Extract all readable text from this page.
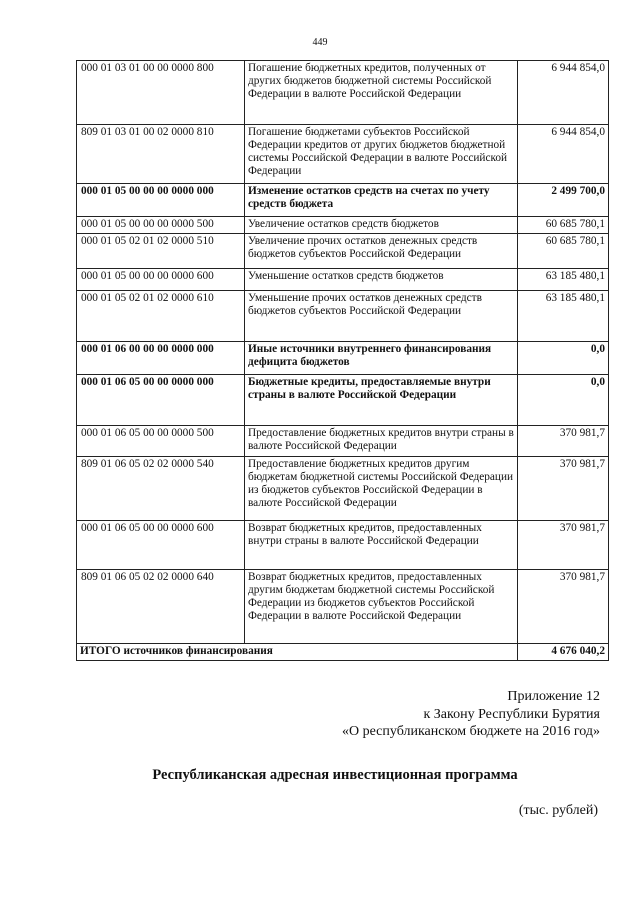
449
000 01 03 01 00 00 0000 800	Погашение бюджетных кредитов, полученных от других бюджетов бюджетной системы Российской Федерации в валюте Российской Федерации	6 944 854,0
809 01 03 01 00 02 0000 810	Погашение бюджетами субъектов Российской Федерации кредитов от других бюджетов бюджетной системы Российской Федерации в валюте Российской Федерации	6 944 854,0
000 01 05 00 00 00 0000 000	Изменение остатков средств на счетах по учету средств бюджета	2 499 700,0
000 01 05 00 00 00 0000 500	Увеличение остатков средств бюджетов	60 685 780,1
000 01 05 02 01 02 0000 510	Увеличение прочих остатков денежных средств бюджетов субъектов Российской Федерации	60 685 780,1
000 01 05 00 00 00 0000 600	Уменьшение остатков средств бюджетов	63 185 480,1
000 01 05 02 01 02 0000 610	Уменьшение прочих остатков денежных средств бюджетов субъектов Российской Федерации	63 185 480,1
000 01 06 00 00 00 0000 000	Иные источники внутреннего финансирования дефицита бюджетов	0,0
000 01 06 05 00 00 0000 000	Бюджетные кредиты, предоставляемые внутри страны в валюте Российской Федерации	0,0
000 01 06 05 00 00 0000 500	Предоставление бюджетных кредитов внутри страны в валюте Российской Федерации	370 981,7
809 01 06 05 02 02 0000 540	Предоставление бюджетных кредитов другим бюджетам бюджетной системы Российской Федерации из бюджетов субъектов Российской Федерации в валюте Российской Федерации	370 981,7
000 01 06 05 00 00 0000 600	Возврат бюджетных кредитов, предоставленных внутри страны в валюте Российской Федерации	370 981,7
809 01 06 05 02 02 0000 640	Возврат бюджетных кредитов, предоставленных другим бюджетам бюджетной системы Российской Федерации из бюджетов субъектов Российской Федерации в валюте Российской Федерации	370 981,7
ИТОГО источников финансирования		4 676 040,2
Приложение 12
к Закону Республики Бурятия
«О республиканском бюджете на 2016 год»
Республиканская адресная инвестиционная программа
(тыс. рублей)
